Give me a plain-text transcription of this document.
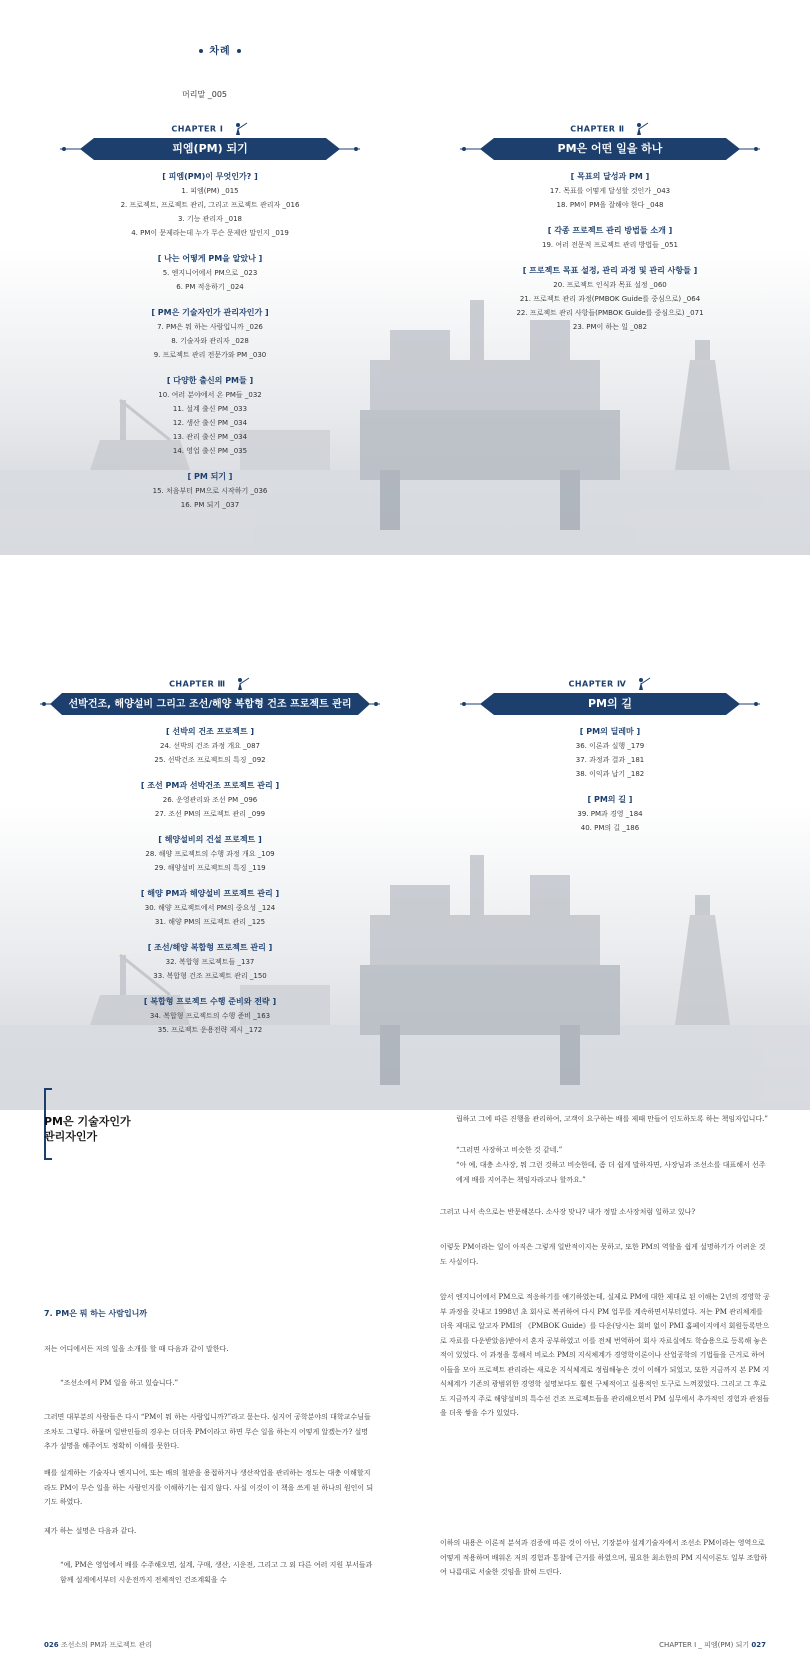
차례
머리말 _005
CHAPTER Ⅰ
피엠(PM) 되기
[ 피엠(PM)이 무엇인가? ]
1. 피엠(PM) _015
2. 프로젝트, 프로젝트 관리, 그리고 프로젝트 관리자 _016
3. 기능 관리자 _018
4. PM이 문제라는데 누가 무슨 문제란 말인지 _019
[ 나는 어떻게 PM을 알았나 ]
5. 엔지니어에서 PM으로 _023
6. PM 적응하기 _024
[ PM은 기술자인가 관리자인가 ]
7. PM은 뭐 하는 사람입니까 _026
8. 기술자와 관리자 _028
9. 프로젝트 관리 전문가와 PM _030
[ 다양한 출신의 PM들 ]
10. 여러 분야에서 온 PM들 _032
11. 설계 출신 PM _033
12. 생산 출신 PM _034
13. 관리 출신 PM _034
14. 영업 출신 PM _035
[ PM 되기 ]
15. 처음부터 PM으로 시작하기 _036
16. PM 되기 _037
CHAPTER Ⅱ
PM은 어떤 일을 하나
[ 목표의 달성과 PM ]
17. 목표를 어떻게 달성할 것인가 _043
18. PM이 PM을 잘해야 한다 _048
[ 각종 프로젝트 관리 방법들 소개 ]
19. 여러 전문적 프로젝트 관리 방법들 _051
[ 프로젝트 목표 설정, 관리 과정 및 관리 사항들 ]
20. 프로젝트 인식과 목표 설정 _060
21. 프로젝트 관리 과정(PMBOK Guide를 중심으로) _064
22. 프로젝트 관리 사항들(PMBOK Guide를 중심으로) _071
23. PM이 하는 일 _082
CHAPTER Ⅲ
선박건조, 해양설비 그리고 조선/해양 복합형 건조 프로젝트 관리
[ 선박의 건조 프로젝트 ]
24. 선박의 건조 과정 개요 _087
25. 선박건조 프로젝트의 특징 _092
[ 조선 PM과 선박건조 프로젝트 관리 ]
26. 운영관리와 조선 PM _096
27. 조선 PM의 프로젝트 관리 _099
[ 해양설비의 건설 프로젝트 ]
28. 해양 프로젝트의 수행 과정 개요 _109
29. 해양설비 프로젝트의 특징 _119
[ 해양 PM과 해양설비 프로젝트 관리 ]
30. 해양 프로젝트에서 PM의 중요성 _124
31. 해양 PM의 프로젝트 관리 _125
[ 조선/해양 복합형 프로젝트 관리 ]
32. 복합형 프로젝트들 _137
33. 복합형 건조 프로젝트 관리 _150
[ 복합형 프로젝트 수행 준비와 전략 ]
34. 복합형 프로젝트의 수행 준비 _163
35. 프로젝트 운용전략 제시 _172
CHAPTER Ⅳ
PM의 길
[ PM의 딜레마 ]
36. 이론과 실행 _179
37. 과정과 결과 _181
38. 이익과 납기 _182
[ PM의 길 ]
39. PM과 경영 _184
40. PM의 길 _186
PM은 기술자인가
관리자인가
7. PM은 뭐 하는 사람입니까
저는 어디에서든 저의 일을 소개를 할 때 다음과 같이 말한다.
“조선소에서 PM 일을 하고 있습니다.”
그러면 대부분의 사람들은 다시 “PM이 뭐 하는 사람입니까?”라고 묻는다. 심지어 공학분야의 대학교수님들조차도 그렇다. 하물며 일반인들의 경우는 더더욱 PM이라고 하면 무슨 일을 하는지 어떻게 알겠는가? 설명 추가 설명을 해주어도 정확히 이해를 못한다.
배를 설계하는 기술자나 엔지니어, 또는 배의 철판을 용접하거나 생산작업을 관리하는 정도는 대충 이해할지라도 PM이 무슨 일을 하는 사람인지를 이해하기는 쉽지 않다. 사실 이것이 이 책을 쓰게 된 하나의 원인이 되기도 하였다.
제가 하는 설명은 다음과 같다.
“예, PM은 영업에서 배를 수주해오면, 설계, 구매, 생산, 시운전, 그리고 그 외 다른 여러 지원 부서들과 함께 설계에서부터 시운전까지 전체적인 건조계획을 수
립하고 그에 따른 진행을 관리하여, 고객이 요구하는 배를 제때 만들어 인도하도록 하는 책임자입니다.”
“그러면 사장하고 비슷한 것 같네.”
“아 예, 대충 소사장, 뭐 그런 것하고 비슷한데, 좀 더 쉽게 말하자면, 사장님과 조선소를 대표해서 선주에게 배를 지어주는 책임자라고나 할까요.”
그러고 나서 속으로는 반문해본다. 소사장 맞나? 내가 정말 소사장처럼 일하고 있나?
이렇듯 PM이라는 일이 아직은 그렇게 일반적이지는 못하고, 또한 PM의 역할을 쉽게 설명하기가 어려운 것도 사실이다.
앞서 엔지니어에서 PM으로 적응하기를 얘기하였는데, 실제로 PM에 대한 제대로 된 이해는 2년의 경영학 공부 과정을 갖내고 1998년 초 회사로 복귀하여 다시 PM 업무를 계속하면서부터였다. 저는 PM 관리체계를 더욱 제대로 알고자 PMI의 《PMBOK Guide》를 다운(당시는 회비 없이 PMI 홈페이지에서 회원등록만으로 자료를 다운받았음)받아서 혼자 공부하였고 이를 전체 번역하여 회사 자료실에도 학습용으로 등록해 놓은 적이 있었다. 이 과정을 통해서 비로소 PM의 지식체계가 경영학이론이나 산업공학의 기법들을 근거로 하여 이들을 모아 프로젝트 관리라는 새로운 지식체계로 정립해놓은 것이 이해가 되었고, 또한 지금까지 본 PM 지식체계가 기존의 광범위한 경영학 설명보다도 훨씬 구체적이고 실용적인 도구로 느껴졌었다. 그리고 그 후로도 지금까지 주로 해양설비의 특수선 건조 프로젝트들을 관리해오면서 PM 실무에서 추가적인 경험과 관점들을 더욱 쌓을 수가 있었다.
이하의 내용은 이론적 분석과 검증에 따른 것이 아닌, 기장분야 설계기술자에서 조선소 PM이라는 영역으로 어떻게 적용하며 배워온 저의 경험과 통찰에 근거를 하였으며, 필요한 최소한의 PM 지식이론도 일부 조합하여 나름대로 서술한 것임을 밝혀 드린다.
026 조선소의 PM과 프로젝트 관리	CHAPTER Ⅰ _ 피엠(PM) 되기 027
